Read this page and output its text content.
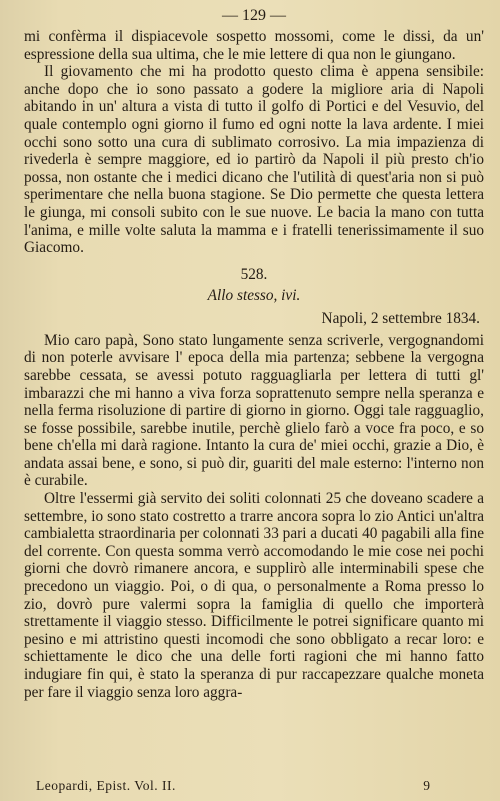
— 129 —

mi confèrma il dispiacevole sospetto mossomi, come le dissi, da un' espressione della sua ultima, che le mie lettere di qua non le giungano.

Il giovamento che mi ha prodotto questo clima è appena sensibile: anche dopo che io sono passato a godere la migliore aria di Napoli abitando in un' altura a vista di tutto il golfo di Portici e del Vesuvio, del quale contemplo ogni giorno il fumo ed ogni notte la lava ardente. I miei occhi sono sotto una cura di sublimato corrosivo. La mia impazienza di rivederla è sempre maggiore, ed io partirò da Napoli il più presto ch'io possa, non ostante che i medici dicano che l'utilità di quest'aria non si può sperimentare che nella buona stagione. Se Dio permette che questa lettera le giunga, mi consoli subito con le sue nuove. Le bacia la mano con tutta l'anima, e mille volte saluta la mamma e i fratelli tenerissimamente il suo Giacomo.

528.
Allo stesso, ivi.
Napoli, 2 settembre 1834.

Mio caro papà, Sono stato lungamente senza scriverle, vergognandomi di non poterle avvisare l' epoca della mia partenza; sebbene la vergogna sarebbe cessata, se avessi potuto ragguagliarla per lettera di tutti gl' imbarazzi che mi hanno a viva forza soprattenuto sempre nella speranza e nella ferma risoluzione di partire di giorno in giorno. Oggi tale ragguaglio, se fosse possibile, sarebbe inutile, perchè glielo farò a voce fra poco, e so bene ch'ella mi darà ragione. Intanto la cura de' miei occhi, grazie a Dio, è andata assai bene, e sono, si può dir, guariti del male esterno: l'interno non è curabile.

Oltre l'essermi già servito dei soliti colonnati 25 che doveano scadere a settembre, io sono stato costretto a trarre ancora sopra lo zio Antici un'altra cambialetta straordinaria per colonnati 33 pari a ducati 40 pagabili alla fine del corrente. Con questa somma verrò accomodando le mie cose nei pochi giorni che dovrò rimanere ancora, e supplirò alle interminabili spese che precedono un viaggio. Poi, o di qua, o personalmente a Roma presso lo zio, dovrò pure valermi sopra la famiglia di quello che importerà strettamente il viaggio stesso. Difficilmente le potrei significare quanto mi pesino e mi attristino questi incomodi che sono obbligato a recar loro: e schiettamente le dico che una delle forti ragioni che mi hanno fatto indugiare fin qui, è stato la speranza di pur raccapezzare qualche moneta per fare il viaggio senza loro aggra-

Leopardi, Epist. Vol. II.	9
